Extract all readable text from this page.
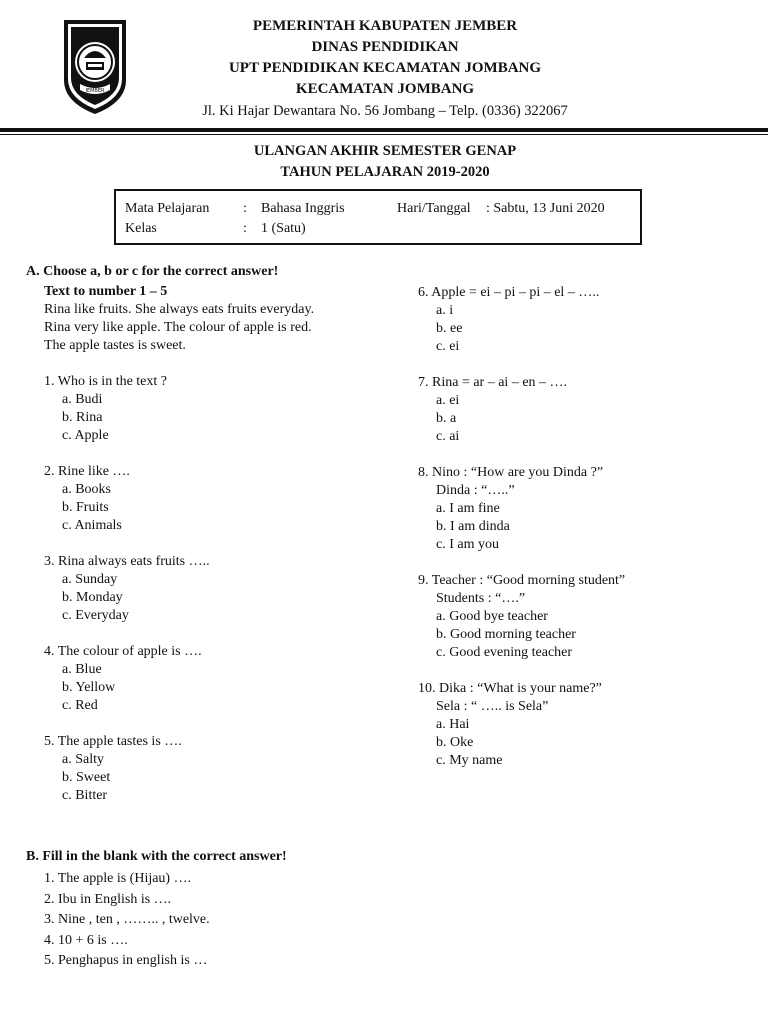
JEMBER
PEMERINTAH KABUPATEN JEMBER
DINAS PENDIDIKAN
UPT PENDIDIKAN KECAMATAN JOMBANG
KECAMATAN JOMBANG
Jl. Ki Hajar Dewantara No. 56 Jombang – Telp. (0336) 322067
ULANGAN AKHIR SEMESTER GENAP
TAHUN PELAJARAN 2019-2020
Mata Pelajaran : Bahasa Inggris	Hari/Tanggal : Sabtu, 13 Juni 2020
Kelas	: 1 (Satu)
A. Choose a, b or c for the correct answer!
Text to number 1 – 5
Rina like fruits. She always eats fruits everyday.
Rina very like apple. The colour of apple is red.
The apple tastes is sweet.
1. Who is in the text ?
a. Budi
b. Rina
c. Apple
2. Rine like ….
a. Books
b. Fruits
c. Animals
3. Rina always eats fruits …..
a. Sunday
b. Monday
c. Everyday
4. The colour of apple is ….
a. Blue
b. Yellow
c. Red
5. The apple tastes is ….
a. Salty
b. Sweet
c. Bitter
6. Apple = ei – pi – pi – el – …..
a. i
b. ee
c. ei
7. Rina = ar – ai – en – ….
a. ei
b. a
c. ai
8. Nino : “How are you Dinda ?”
Dinda : “…..”
a. I am fine
b. I am dinda
c. I am you
9. Teacher : “Good morning student”
Students : “….”
a. Good bye teacher
b. Good morning teacher
c. Good evening teacher
10. Dika : “What is your name?”
Sela : “ ….. is Sela”
a. Hai
b. Oke
c. My name
B. Fill in the blank with the correct answer!
1. The apple is (Hijau) ….
2. Ibu in English is ….
3. Nine , ten , …….. , twelve.
4. 10 + 6 is ….
5. Penghapus in english is …
